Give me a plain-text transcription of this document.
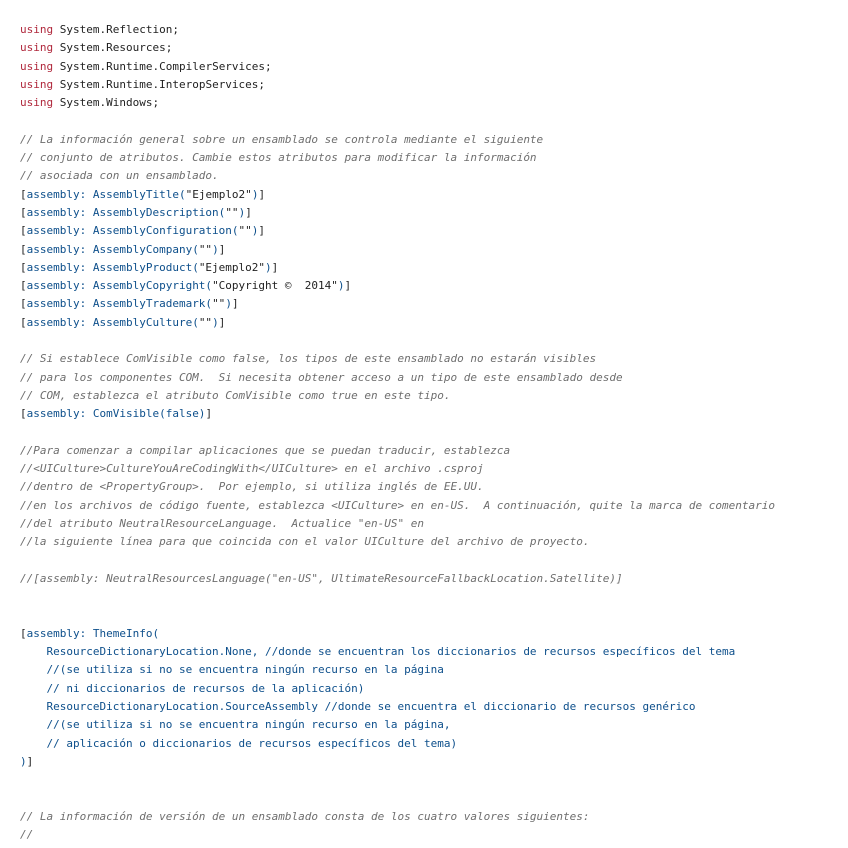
using System.Reflection;
using System.Resources;
using System.Runtime.CompilerServices;
using System.Runtime.InteropServices;
using System.Windows;
// La información general sobre un ensamblado se controla mediante el siguiente
// conjunto de atributos. Cambie estos atributos para modificar la información
// asociada con un ensamblado.
[assembly: AssemblyTitle("Ejemplo2")]
[assembly: AssemblyDescription("")]
[assembly: AssemblyConfiguration("")]
[assembly: AssemblyCompany("")]
[assembly: AssemblyProduct("Ejemplo2")]
[assembly: AssemblyCopyright("Copyright ©  2014")]
[assembly: AssemblyTrademark("")]
[assembly: AssemblyCulture("")]
// Si establece ComVisible como false, los tipos de este ensamblado no estarán visibles
// para los componentes COM.  Si necesita obtener acceso a un tipo de este ensamblado desde
// COM, establezca el atributo ComVisible como true en este tipo.
[assembly: ComVisible(false)]
//Para comenzar a compilar aplicaciones que se puedan traducir, establezca
//<UICulture>CultureYouAreCodingWith</UICulture> en el archivo .csproj
//dentro de <PropertyGroup>.  Por ejemplo, si utiliza inglés de EE.UU.
//en los archivos de código fuente, establezca <UICulture> en en-US.  A continuación, quite la marca de comentario
//del atributo NeutralResourceLanguage.  Actualice "en-US" en
//la siguiente línea para que coincida con el valor UICulture del archivo de proyecto.
//[assembly: NeutralResourcesLanguage("en-US", UltimateResourceFallbackLocation.Satellite)]
[assembly: ThemeInfo(
ResourceDictionaryLocation.None, //donde se encuentran los diccionarios de recursos específicos del tema
//(se utiliza si no se encuentra ningún recurso en la página
// ni diccionarios de recursos de la aplicación)
ResourceDictionaryLocation.SourceAssembly //donde se encuentra el diccionario de recursos genérico
//(se utiliza si no se encuentra ningún recurso en la página,
// aplicación o diccionarios de recursos específicos del tema)
)]
// La información de versión de un ensamblado consta de los cuatro valores siguientes:
//
